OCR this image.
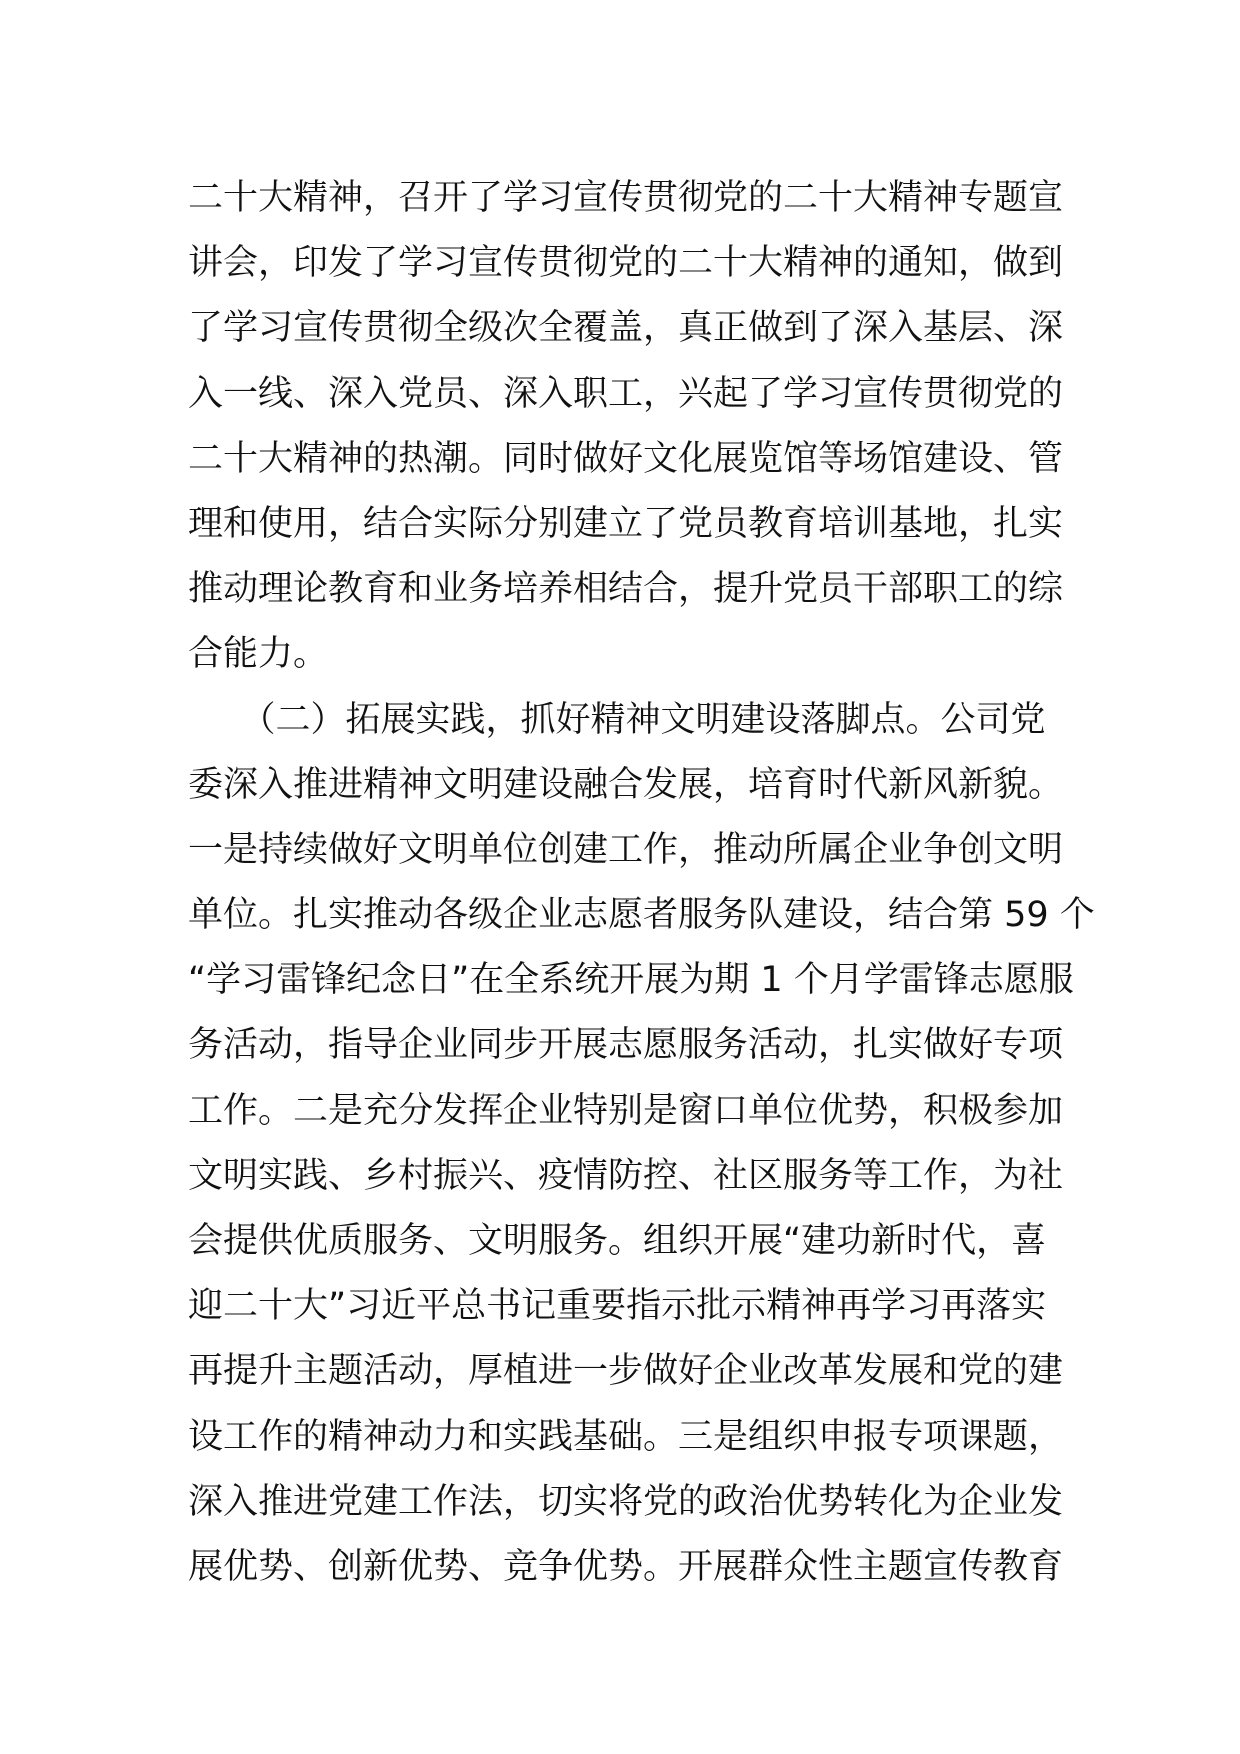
二十大精神，召开了学习宣传贯彻党的二十大精神专题宣
讲会，印发了学习宣传贯彻党的二十大精神的通知，做到
了学习宣传贯彻全级次全覆盖，真正做到了深入基层、深
入一线、深入党员、深入职工，兴起了学习宣传贯彻党的
二十大精神的热潮。同时做好文化展览馆等场馆建设、管
理和使用，结合实际分别建立了党员教育培训基地，扎实
推动理论教育和业务培养相结合，提升党员干部职工的综
合能力。
　　（二）拓展实践，抓好精神文明建设落脚点。公司党
委深入推进精神文明建设融合发展，培育时代新风新貌。
一是持续做好文明单位创建工作，推动所属企业争创文明
单位。扎实推动各级企业志愿者服务队建设，结合第 59 个
“学习雷锋纪念日”在全系统开展为期 1 个月学雷锋志愿服
务活动，指导企业同步开展志愿服务活动，扎实做好专项
工作。二是充分发挥企业特别是窗口单位优势，积极参加
文明实践、乡村振兴、疫情防控、社区服务等工作，为社
会提供优质服务、文明服务。组织开展“建功新时代，喜
迎二十大”习近平总书记重要指示批示精神再学习再落实
再提升主题活动，厚植进一步做好企业改革发展和党的建
设工作的精神动力和实践基础。三是组织申报专项课题，
深入推进党建工作法，切实将党的政治优势转化为企业发
展优势、创新优势、竞争优势。开展群众性主题宣传教育
